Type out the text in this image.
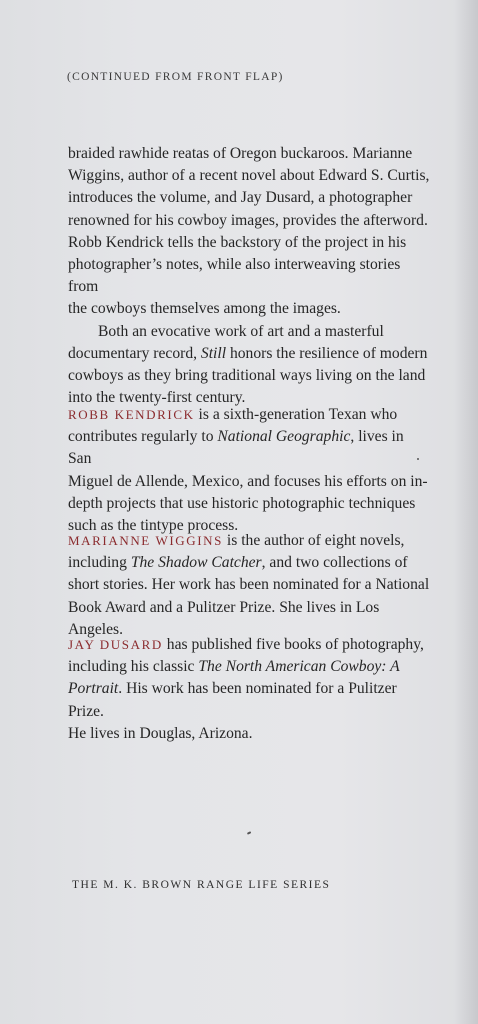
(CONTINUED FROM FRONT FLAP)

braided rawhide reatas of Oregon buckaroos. Marianne
Wiggins, author of a recent novel about Edward S. Curtis,
introduces the volume, and Jay Dusard, a photographer
renowned for his cowboy images, provides the afterword.
Robb Kendrick tells the backstory of the project in his
photographer’s notes, while also interweaving stories from
the cowboys themselves among the images.

Both an evocative work of art and a masterful
documentary record, Still honors the resilience of modern
cowboys as they bring traditional ways living on the land
into the twenty-first century.

ROBB KENDRICK is a sixth-generation Texan who
contributes regularly to National Geographic, lives in San
Miguel de Allende, Mexico, and focuses his efforts on in-
depth projects that use historic photographic techniques
such as the tintype process.

MARIANNE WIGGINS is the author of eight novels,
including The Shadow Catcher, and two collections of
short stories. Her work has been nominated for a National
Book Award and a Pulitzer Prize. She lives in Los Angeles.

JAY DUSARD has published five books of photography,
including his classic The North American Cowboy: A
Portrait. His work has been nominated for a Pulitzer Prize.
He lives in Douglas, Arizona.

THE M. K. BROWN RANGE LIFE SERIES
